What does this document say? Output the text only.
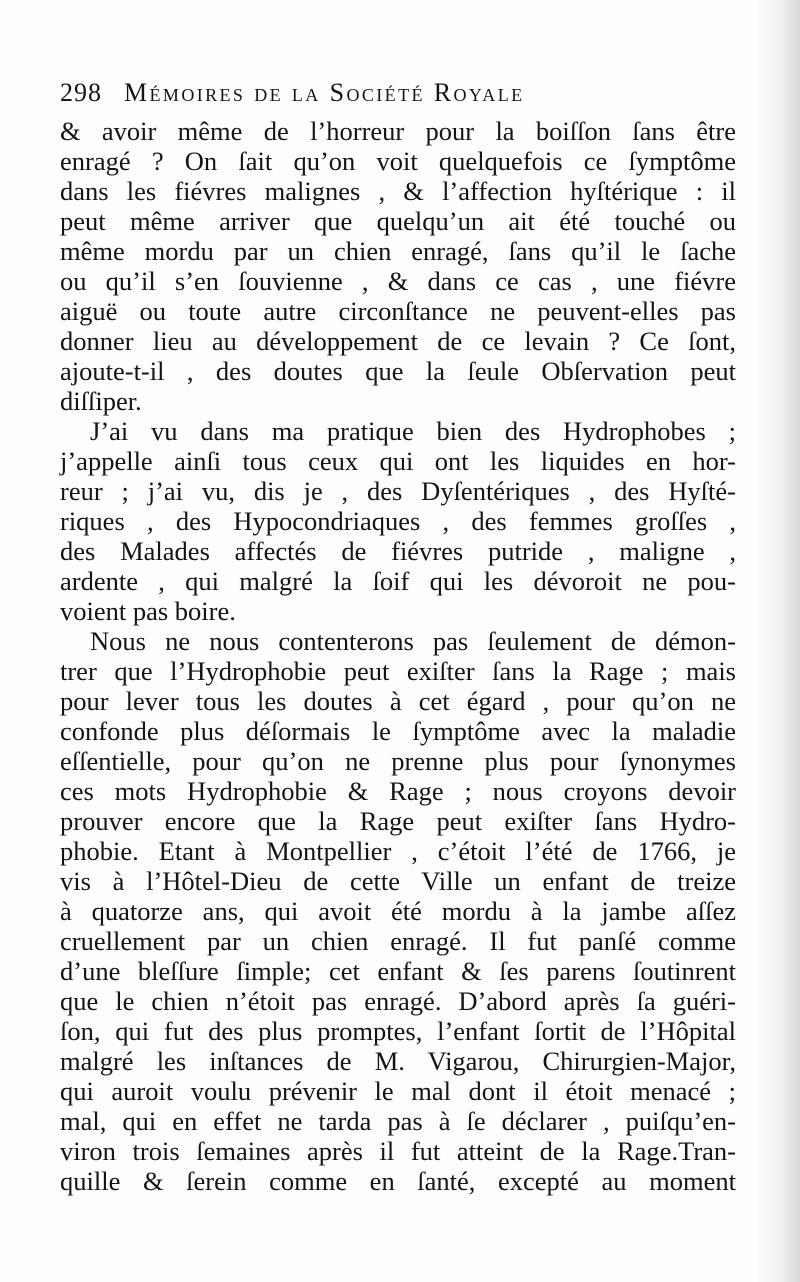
298 Mémoires de la Société Royale
& avoir même de l’horreur pour la boiſſon ſans être
enragé ? On ſait qu’on voit quelquefois ce ſymptôme
dans les fiévres malignes , & l’affection hyſtérique : il
peut même arriver que quelqu’un ait été touché ou
même mordu par un chien enragé, ſans qu’il le ſache
ou qu’il s’en ſouvienne , & dans ce cas , une fiévre
aiguë ou toute autre circonſtance ne peuvent-elles pas
donner lieu au développement de ce levain ? Ce ſont,
ajoute-t-il , des doutes que la ſeule Obſervation peut
diſſiper.
J’ai vu dans ma pratique bien des Hydrophobes ;
j’appelle ainſi tous ceux qui ont les liquides en hor-
reur ; j’ai vu, dis je , des Dyſentériques , des Hyſté-
riques , des Hypocondriaques , des femmes groſſes ,
des Malades affectés de fiévres putride , maligne ,
ardente , qui malgré la ſoif qui les dévoroit ne pou-
voient pas boire.
Nous ne nous contenterons pas ſeulement de démon-
trer que l’Hydrophobie peut exiſter ſans la Rage ; mais
pour lever tous les doutes à cet égard , pour qu’on ne
confonde plus déſormais le ſymptôme avec la maladie
eſſentielle, pour qu’on ne prenne plus pour ſynonymes
ces mots Hydrophobie & Rage ; nous croyons devoir
prouver encore que la Rage peut exiſter ſans Hydro-
phobie. Etant à Montpellier , c’étoit l’été de 1766, je
vis à l’Hôtel-Dieu de cette Ville un enfant de treize
à quatorze ans, qui avoit été mordu à la jambe aſſez
cruellement par un chien enragé. Il fut panſé comme
d’une bleſſure ſimple; cet enfant & ſes parens ſoutinrent
que le chien n’étoit pas enragé. D’abord après ſa guéri-
ſon, qui fut des plus promptes, l’enfant ſortit de l’Hôpital
malgré les inſtances de M. Vigarou, Chirurgien-Major,
qui auroit voulu prévenir le mal dont il étoit menacé ;
mal, qui en effet ne tarda pas à ſe déclarer , puiſqu’en-
viron trois ſemaines après il fut atteint de la Rage.Tran-
quille & ſerein comme en ſanté, excepté au moment
